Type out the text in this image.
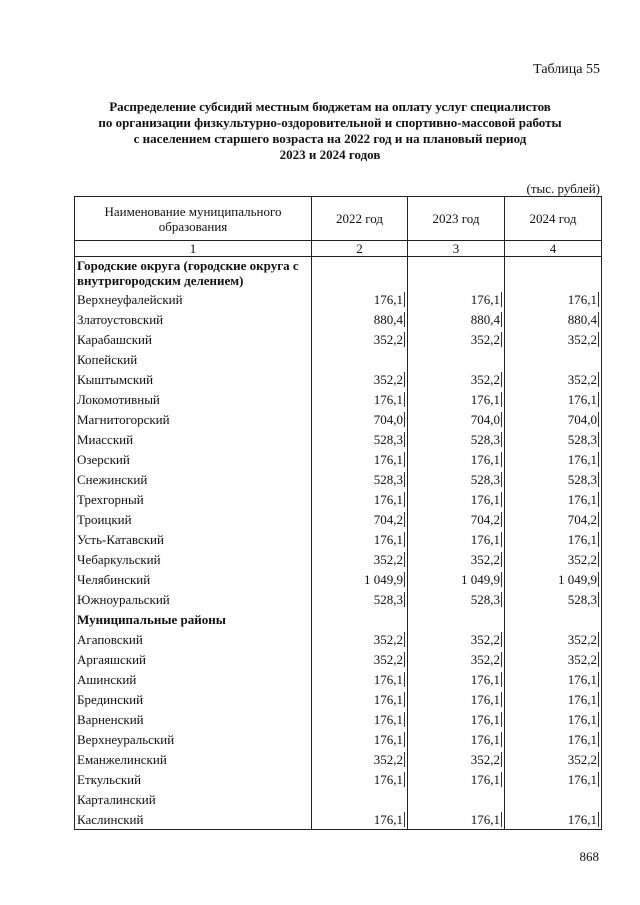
Таблица 55
Распределение субсидий местным бюджетам на оплату услуг специалистов
по организации физкультурно-оздоровительной и спортивно-массовой работы
с населением старшего возраста на 2022 год и на плановый период
2023 и 2024 годов
(тыс. рублей)
Наименование муниципального образования	2022 год	2023 год	2024 год
1	2	3	4
Городские округа (городские округа с внутригородским делением)			
Верхнеуфалейский	176,1	176,1	176,1
Златоустовский	880,4	880,4	880,4
Карабашский	352,2	352,2	352,2
Копейский			
Кыштымский	352,2	352,2	352,2
Локомотивный	176,1	176,1	176,1
Магнитогорский	704,0	704,0	704,0
Миасский	528,3	528,3	528,3
Озерский	176,1	176,1	176,1
Снежинский	528,3	528,3	528,3
Трехгорный	176,1	176,1	176,1
Троицкий	704,2	704,2	704,2
Усть-Катавский	176,1	176,1	176,1
Чебаркульский	352,2	352,2	352,2
Челябинский	1 049,9	1 049,9	1 049,9
Южноуральский	528,3	528,3	528,3
Муниципальные районы			
Агаповский	352,2	352,2	352,2
Аргаяшский	352,2	352,2	352,2
Ашинский	176,1	176,1	176,1
Брединский	176,1	176,1	176,1
Варненский	176,1	176,1	176,1
Верхнеуральский	176,1	176,1	176,1
Еманжелинский	352,2	352,2	352,2
Еткульский	176,1	176,1	176,1
Карталинский			
Каслинский	176,1	176,1	176,1
868
